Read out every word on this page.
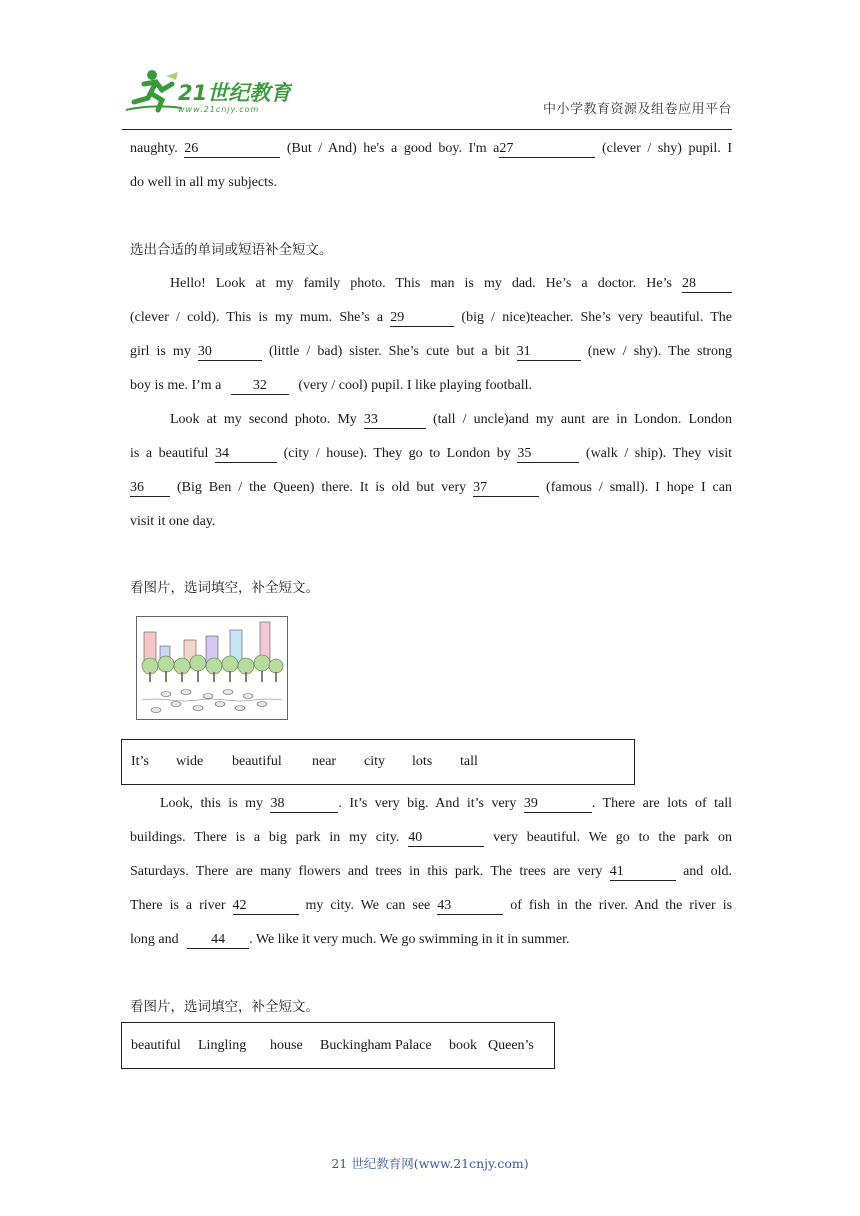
21世纪教育
www.21cnjy.com	中小学教育资源及组卷应用平台
naughty. 26	(But / And) he's a good boy. I'm a27	(clever / shy) pupil. I
do well in all my subjects.
选出合适的单词或短语补全短文。
Hello! Look at my family photo. This man is my dad. He’s a doctor. He’s 28
(clever / cold). This is my mum. She’s a 29	(big / nice)teacher. She’s very beautiful. The
girl is my 30	(little / bad) sister. She’s cute but a bit 31	(new / shy). The strong
boy is me. I’m a 32 (very / cool) pupil. I like playing football.
Look at my second photo. My 33	(tall / uncle)and my aunt are in London. London
is a beautiful 34	(city / house). They go to London by 35	(walk / ship). They visit
36 (Big Ben / the Queen) there. It is old but very 37	(famous / small). I hope I can
visit it one day.
看图片，选词填空，补全短文。
It’s wide beautiful near city lots tall
Look, this is my 38	. It’s very big. And it’s very 39	. There are lots of tall
buildings. There is a big park in my city. 40	very beautiful. We go to the park on
Saturdays. There are many flowers and trees in this park. The trees are very 41	and old.
There is a river 42	my city. We can see 43	of fish in the river. And the river is
long and 44 . We like it very much. We go swimming in it in summer.
看图片，选词填空，补全短文。
beautiful Lingling house Buckingham Palace book Queen’s
21 世纪教育网(www.21cnjy.com)
